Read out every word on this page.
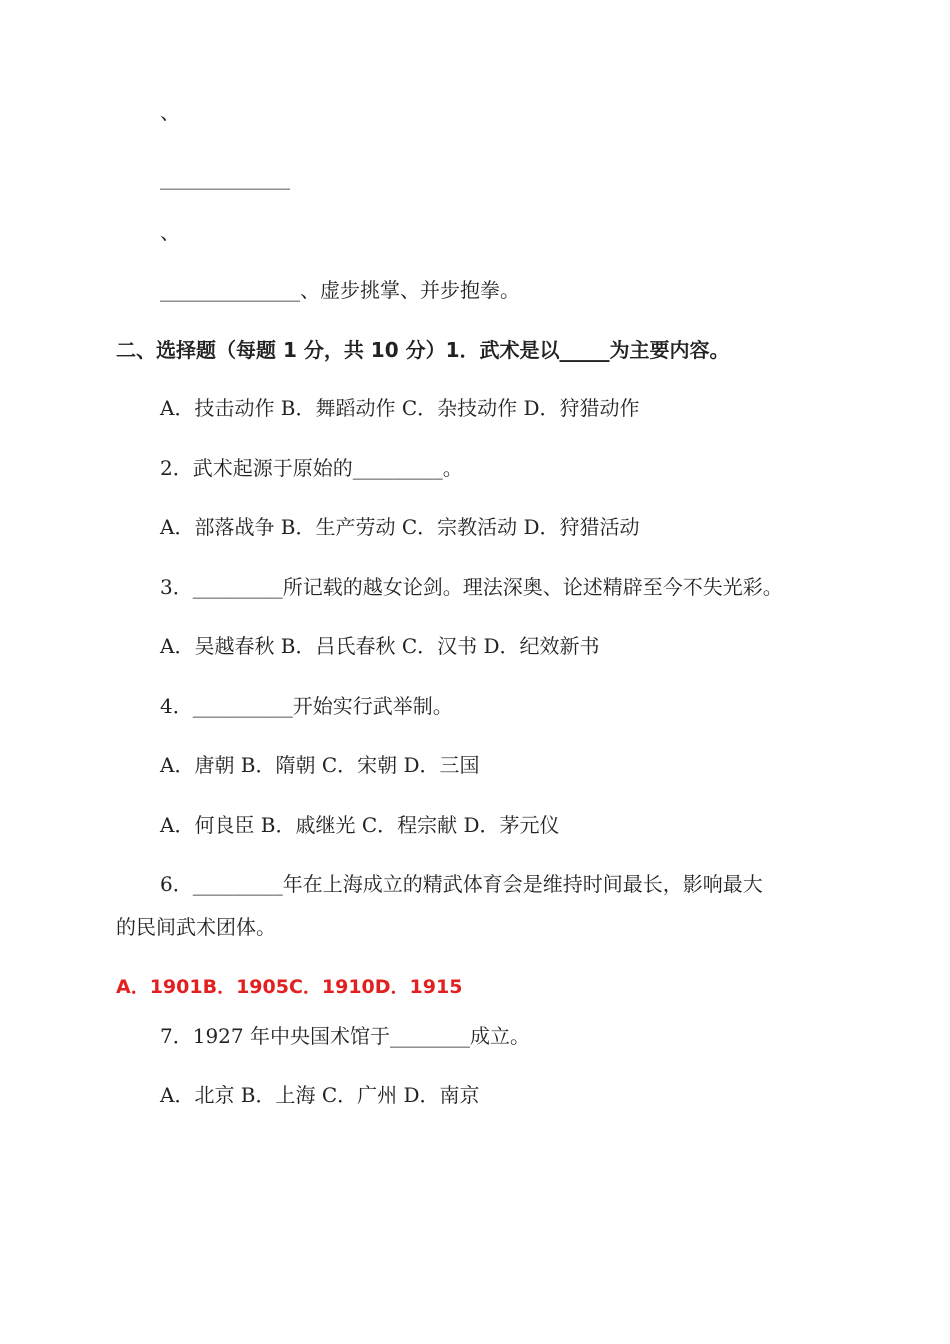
、
_____________
、
______________、虚步挑掌、并步抱拳。
二、选择题（每题 1 分，共 10 分）1．武术是以_____为主要内容。
A．技击动作 B．舞蹈动作 C．杂技动作 D．狩猎动作
2．武术起源于原始的_________。
A．部落战争 B．生产劳动 C．宗教活动 D．狩猎活动
3．_________所记载的越女论剑。理法深奥、论述精辟至今不失光彩。
A．吴越春秋 B．吕氏春秋 C．汉书 D．纪效新书
4．__________开始实行武举制。
A．唐朝 B．隋朝 C．宋朝 D．三国
A．何良臣 B．戚继光 C．程宗献 D．茅元仪
6．_________年在上海成立的精武体育会是维持时间最长，影响最大
的民间武术团体。
A．1901B．1905C．1910D．1915
7．1927 年中央国术馆于________成立。
A．北京 B．上海 C．广州 D．南京
